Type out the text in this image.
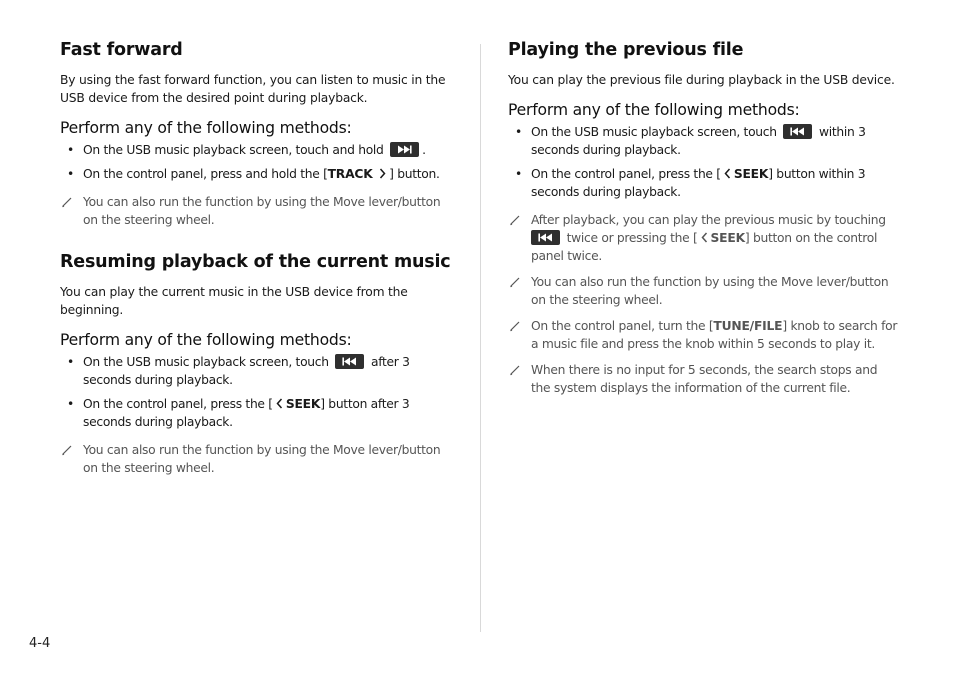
Fast forward

By using the fast forward function, you can listen to music in the USB device from the desired point during playback.

Perform any of the following methods:
• On the USB music playback screen, touch and hold	.
• On the control panel, press and hold the [TRACK ] button.
You can also run the function by using the Move lever/button on the steering wheel.
Resuming playback of the current music

You can play the current music in the USB device from the beginning.

Perform any of the following methods:
• On the USB music playback screen, touch	after 3 seconds during playback.
• On the control panel, press the [ SEEK] button after 3 seconds during playback.
You can also run the function by using the Move lever/button on the steering wheel.
Playing the previous file

You can play the previous file during playback in the USB device.

Perform any of the following methods:
• On the USB music playback screen, touch	within 3 seconds during playback.
• On the control panel, press the [ SEEK] button within 3 seconds during playback.
After playback, you can play the previous music by touching
twice or pressing the [ SEEK] button on the control panel twice.
You can also run the function by using the Move lever/button on the steering wheel.
On the control panel, turn the [TUNE/FILE] knob to search for a music file and press the knob within 5 seconds to play it.
When there is no input for 5 seconds, the search stops and the system displays the information of the current file.
4-4
